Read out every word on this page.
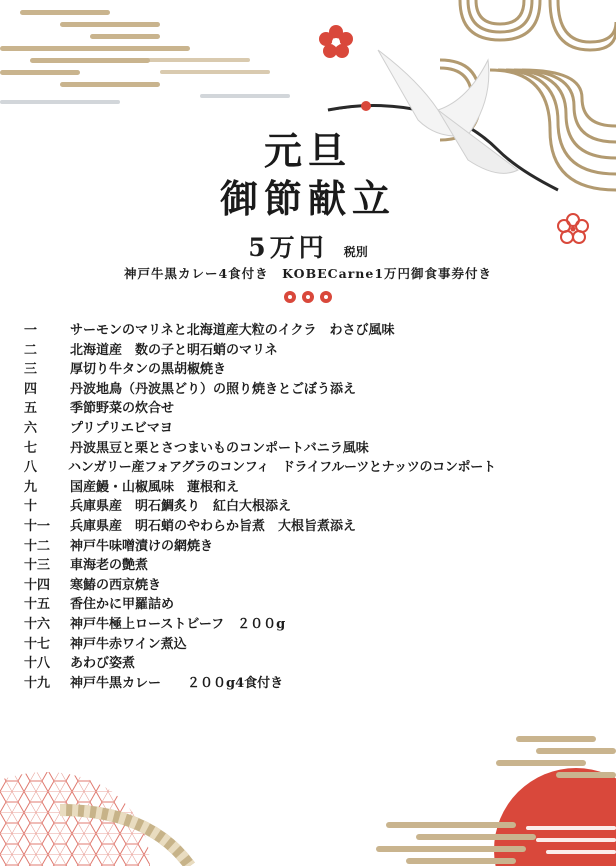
元旦
御節献立
5万円 税別
神戸牛黒カレー4食付き　KOBECarne1万円御食事券付き
一	サーモンのマリネと北海道産大粒のイクラ　わさび風味
二	北海道産　数の子と明石蛸のマリネ
三	厚切り牛タンの黒胡椒焼き
四	丹波地鳥（丹波黒どり）の照り焼きとごぼう添え
五	季節野菜の炊合せ
六	プリプリエビマヨ
七	丹波黒豆と栗とさつまいものコンポートバニラ風味
八 ハンガリー産フォアグラのコンフィ　ドライフルーツとナッツのコンポート
九	国産鰻・山椒風味　蓮根和え
十	兵庫県産　明石鯛炙り　紅白大根添え
十一 兵庫県産　明石蛸のやわらか旨煮　大根旨煮添え
十二 神戸牛味噌漬けの網焼き
十三 車海老の艶煮
十四 寒鰆の西京焼き
十五 香住かに甲羅詰め
十六 神戸牛極上ローストビーフ　２００g
十七 神戸牛赤ワイン煮込
十八 あわび姿煮
十九 神戸牛黒カレー　　２００g4食付き
